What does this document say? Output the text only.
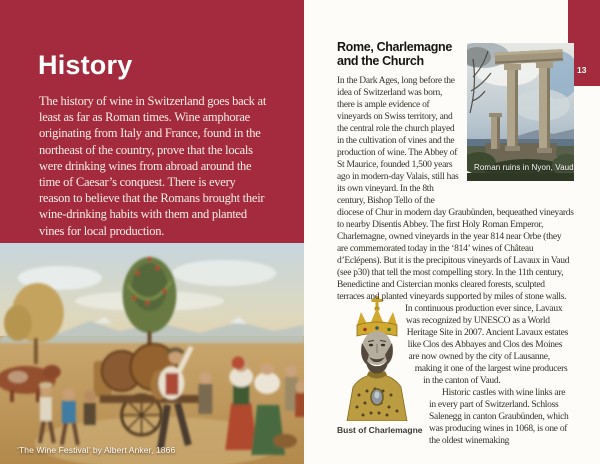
History

The history of wine in Switzerland goes back at least as far as Roman times. Wine amphorae originating from Italy and France, found in the northeast of the country, prove that the locals were drinking wines from abroad around the time of Caesar’s conquest. There is every reason to believe that the Romans brought their wine-drinking habits with them and planted vines for local production.

‘The Wine Festival’ by Albert Anker, 1866
13
Roman ruins in Nyon, Vaud
Rome, Charlemagne
and the Church

In the Dark Ages, long before the idea of Switzerland was born, there is ample evidence of vineyards on Swiss territory, and the central role the church played in the cultivation of vines and the production of wine. The Abbey of St Maurice, founded 1,500 years ago in modern-day Valais, still has its own vineyard. In the 8th century, Bishop Tello of the diocese of Chur in modern day Graubünden, bequeathed vineyards to nearby Disentis Abbey. The first Holy Roman Emperor, Charlemagne, owned vineyards in the year 814 near Orbe (they are commemorated today in the ‘814’ wines of Château d’Eclépens). But it is the precipitous vineyards of Lavaux in Vaud (see p30) that tell the most compelling story. In the 11th century, Benedictine and Cistercian monks cleared forests, sculpted terraces
Bust of Charlemagne
and planted vineyards supported by miles of stone walls. In continuous production ever since, Lavaux was recognized by UNESCO as a World Heritage Site in 2007. Ancient Lavaux estates like Clos des Abbayes and Clos des Moines are now owned by the city of Lausanne, making it one of the largest wine producers in the canton of Vaud.

Historic castles with wine links are in every part of Switzerland. Schloss Salenegg in canton Graubünden, which was producing wines in 1068, is one of the oldest winemaking
